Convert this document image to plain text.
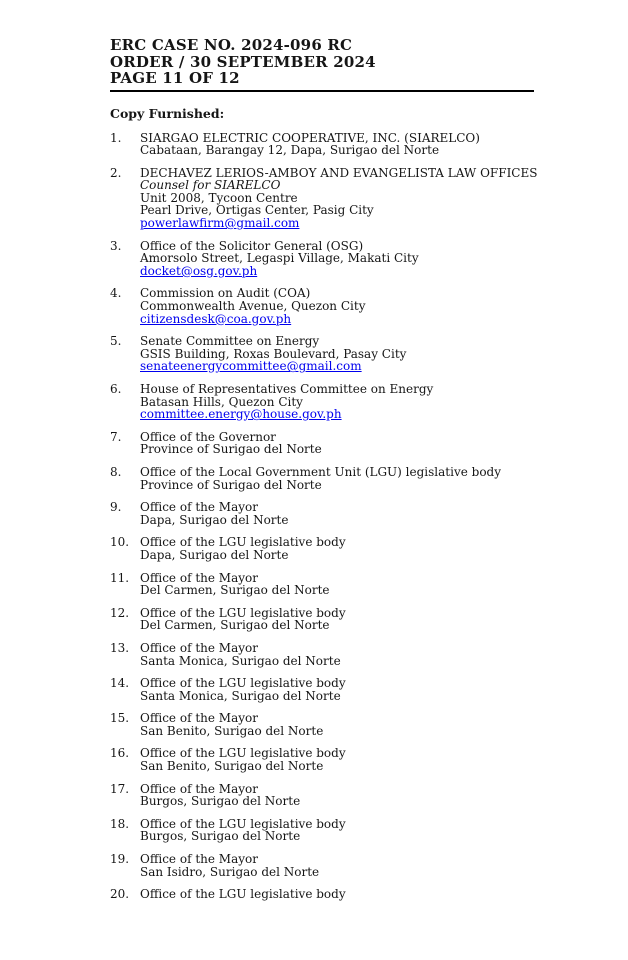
ERC CASE NO. 2024-096 RC
ORDER / 30 SEPTEMBER 2024
PAGE 11 OF 12
Copy Furnished:
1.	SIARGAO ELECTRIC COOPERATIVE, INC. (SIARELCO)
Cabataan, Barangay 12, Dapa, Surigao del Norte
2.	DECHAVEZ LERIOS-AMBOY AND EVANGELISTA LAW OFFICES
Counsel for SIARELCO
Unit 2008, Tycoon Centre
Pearl Drive, Ortigas Center, Pasig City
powerlawfirm@gmail.com
3.	Office of the Solicitor General (OSG)
Amorsolo Street, Legaspi Village, Makati City
docket@osg.gov.ph
4.	Commission on Audit (COA)
Commonwealth Avenue, Quezon City
citizensdesk@coa.gov.ph
5.	Senate Committee on Energy
GSIS Building, Roxas Boulevard, Pasay City
senateenergycommittee@gmail.com
6.	House of Representatives Committee on Energy
Batasan Hills, Quezon City
committee.energy@house.gov.ph
7.	Office of the Governor
Province of Surigao del Norte
8.	Office of the Local Government Unit (LGU) legislative body
Province of Surigao del Norte
9.	Office of the Mayor
Dapa, Surigao del Norte
10. Office of the LGU legislative body
Dapa, Surigao del Norte
11. Office of the Mayor
Del Carmen, Surigao del Norte
12. Office of the LGU legislative body
Del Carmen, Surigao del Norte
13. Office of the Mayor
Santa Monica, Surigao del Norte
14. Office of the LGU legislative body
Santa Monica, Surigao del Norte
15. Office of the Mayor
San Benito, Surigao del Norte
16. Office of the LGU legislative body
San Benito, Surigao del Norte
17. Office of the Mayor
Burgos, Surigao del Norte
18. Office of the LGU legislative body
Burgos, Surigao del Norte
19. Office of the Mayor
San Isidro, Surigao del Norte
20. Office of the LGU legislative body
